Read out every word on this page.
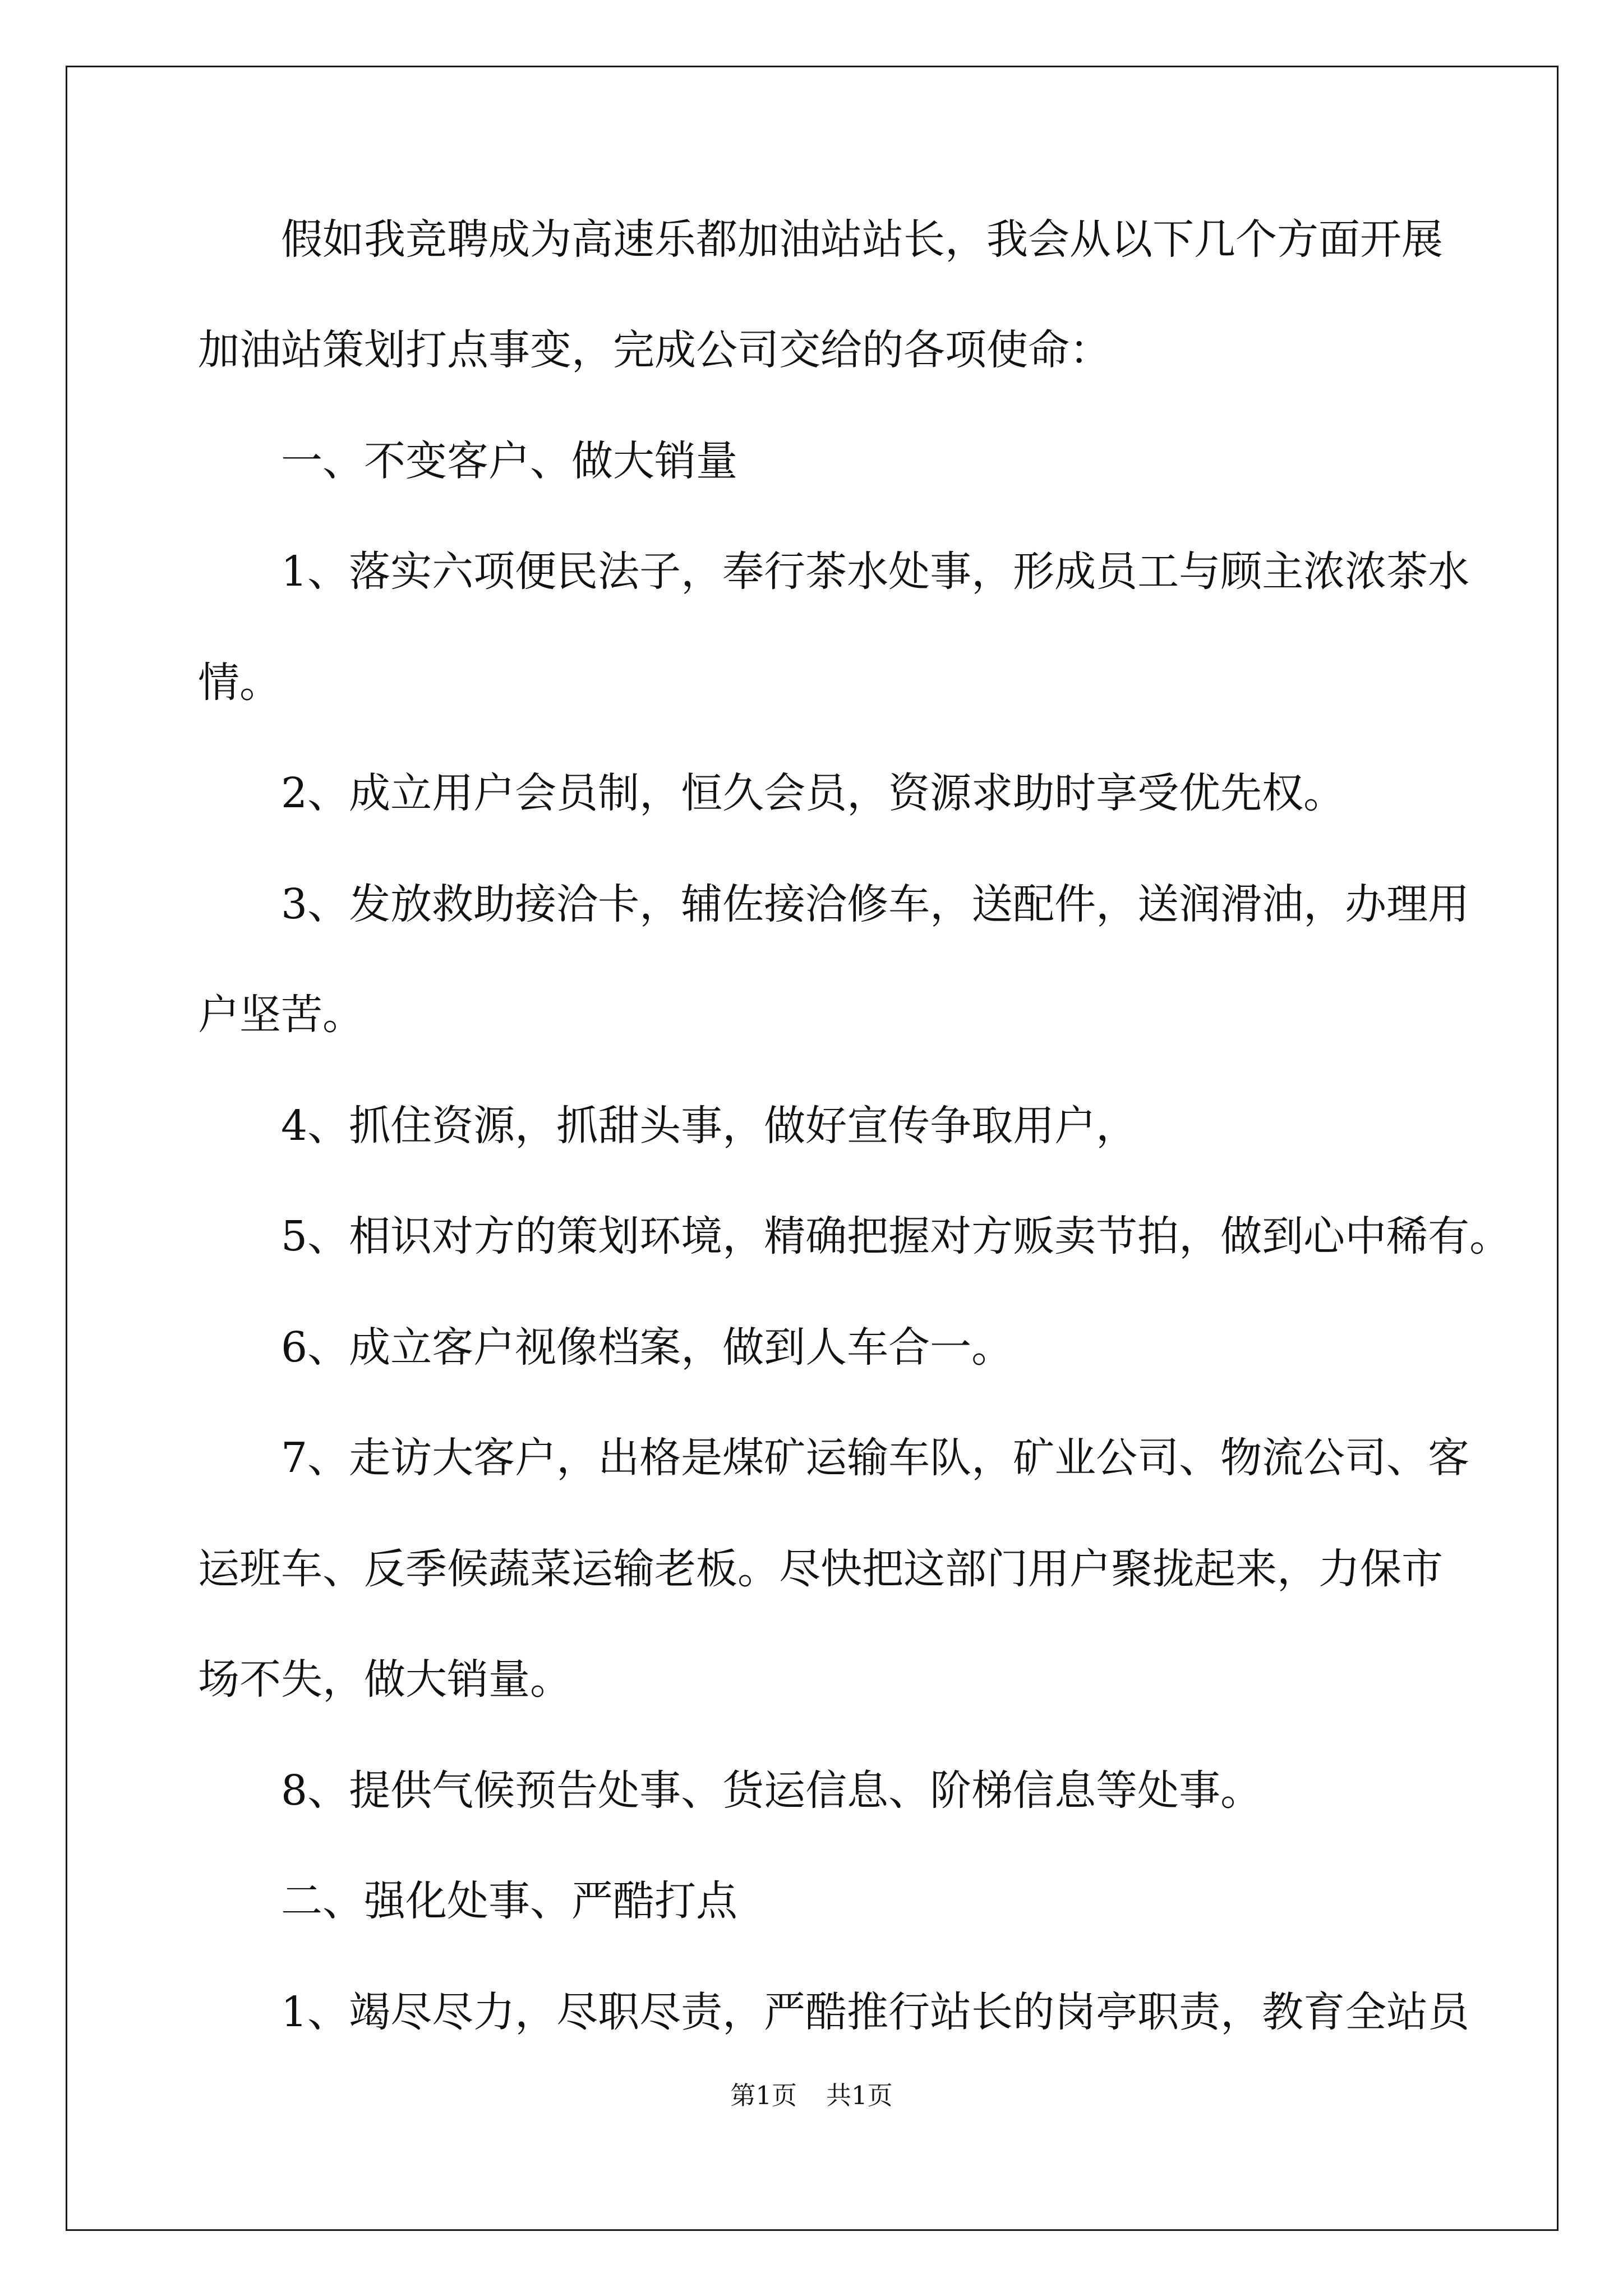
　　假如我竞聘成为高速乐都加油站站长，我会从以下几个方面开展
加油站策划打点事变，完成公司交给的各项使命：
　　一、不变客户、做大销量
　　1、落实六项便民法子，奉行茶水处事，形成员工与顾主浓浓茶水
情。
　　2、成立用户会员制，恒久会员，资源求助时享受优先权。
　　3、发放救助接洽卡，辅佐接洽修车，送配件，送润滑油，办理用
户坚苦。
　　4、抓住资源，抓甜头事，做好宣传争取用户，
　　5、相识对方的策划环境，精确把握对方贩卖节拍，做到心中稀有。
　　6、成立客户视像档案，做到人车合一。
　　7、走访大客户，出格是煤矿运输车队，矿业公司、物流公司、客
运班车、反季候蔬菜运输老板。尽快把这部门用户聚拢起来，力保市
场不失，做大销量。
　　8、提供气候预告处事、货运信息、阶梯信息等处事。
　　二、强化处事、严酷打点
　　1、竭尽尽力，尽职尽责，严酷推行站长的岗亭职责，教育全站员
第1页 共1页
